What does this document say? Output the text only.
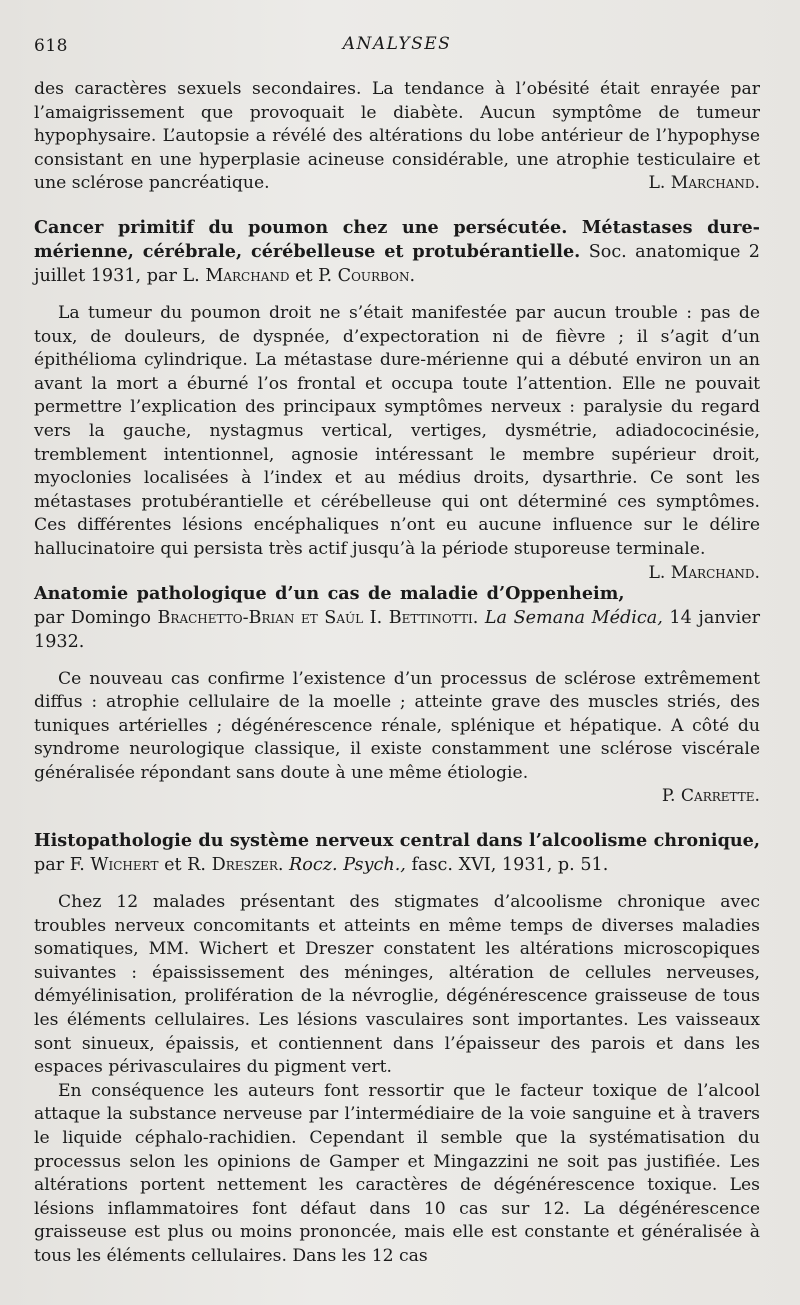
618	ANALYSES

des caractères sexuels secondaires. La tendance à l’obésité était enrayée par l’amaigrissement que provoquait le diabète. Aucun symptôme de tumeur hypophysaire. L’autopsie a révélé des altérations du lobe antérieur de l’hypophyse consistant en une hyperplasie acineuse considérable, une atrophie testiculaire et une sclérose pancréatique.	L. Marchand.

Cancer primitif du poumon chez une persécutée. Métastases dure-mérienne, cérébrale, cérébelleuse et protubérantielle. Soc. anatomique 2 juillet 1931, par L. Marchand et P. Courbon.

La tumeur du poumon droit ne s’était manifestée par aucun trouble : pas de toux, de douleurs, de dyspnée, d’expectoration ni de fièvre ; il s’agit d’un épithélioma cylindrique. La métastase dure-mérienne qui a débuté environ un an avant la mort a éburné l’os frontal et occupa toute l’attention. Elle ne pouvait permettre l’explication des principaux symptômes nerveux : paralysie du regard vers la gauche, nystagmus vertical, vertiges, dysmétrie, adiadococinésie, tremblement intentionnel, agnosie intéressant le membre supérieur droit, myoclonies localisées à l’index et au médius droits, dysarthrie. Ce sont les métastases protubérantielle et cérébelleuse qui ont déterminé ces symptômes. Ces différentes lésions encéphaliques n’ont eu aucune influence sur le délire hallucinatoire qui persista très actif jusqu’à la période stuporeuse terminale.
L. Marchand.

Anatomie pathologique d’un cas de maladie d’Oppenheim, par Domingo Brachetto-Brian et Saúl I. Bettinotti. La Semana Médica, 14 janvier 1932.

Ce nouveau cas confirme l’existence d’un processus de sclérose extrêmement diffus : atrophie cellulaire de la moelle ; atteinte grave des muscles striés, des tuniques artérielles ; dégénérescence rénale, splénique et hépatique. A côté du syndrome neurologique classique, il existe constamment une sclérose viscérale généralisée répondant sans doute à une même étiologie.

P. Carrette.

Histopathologie du système nerveux central dans l’alcoolisme chronique, par F. Wichert et R. Dreszer. Rocz. Psych., fasc. XVI, 1931, p. 51.

Chez 12 malades présentant des stigmates d’alcoolisme chronique avec troubles nerveux concomitants et atteints en même temps de diverses maladies somatiques, MM. Wichert et Dreszer constatent les altérations microscopiques suivantes : épaississement des méninges, altération de cellules nerveuses, démyélinisation, prolifération de la névroglie, dégénérescence graisseuse de tous les éléments cellulaires. Les lésions vasculaires sont importantes. Les vaisseaux sont sinueux, épaissis, et contiennent dans l’épaisseur des parois et dans les espaces périvasculaires du pigment vert.

En conséquence les auteurs font ressortir que le facteur toxique de l’alcool attaque la substance nerveuse par l’intermédiaire de la voie sanguine et à travers le liquide céphalo-rachidien. Cependant il semble que la systématisation du processus selon les opinions de Gamper et Mingazzini ne soit pas justifiée. Les altérations portent nettement les caractères de dégénérescence toxique. Les lésions inflammatoires font défaut dans 10 cas sur 12. La dégénérescence graisseuse est plus ou moins prononcée, mais elle est constante et généralisée à tous les éléments cellulaires. Dans les 12 cas
